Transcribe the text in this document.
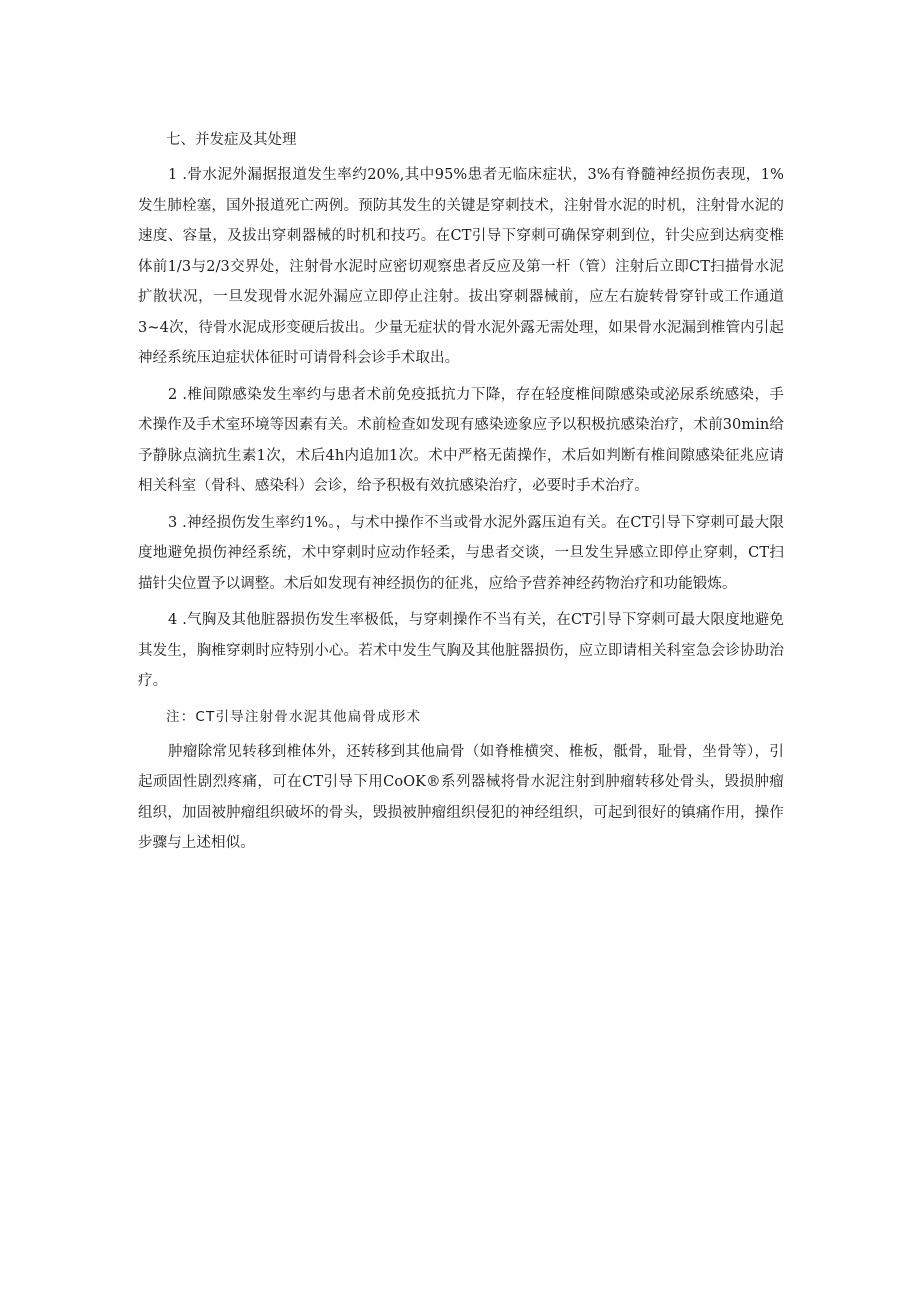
七、并发症及其处理

1 .骨水泥外漏据报道发生率约20%,其中95%患者无临床症状，3%有脊髓神经损伤表现，1%发生肺栓塞，国外报道死亡两例。预防其发生的关键是穿刺技术，注射骨水泥的时机，注射骨水泥的速度、容量，及拔出穿刺器械的时机和技巧。在CT引导下穿刺可确保穿刺到位，针尖应到达病变椎体前1/3与2/3交界处，注射骨水泥时应密切观察患者反应及第一杆（管）注射后立即CT扫描骨水泥扩散状况，一旦发现骨水泥外漏应立即停止注射。拔出穿刺器械前，应左右旋转骨穿针或工作通道3~4次，待骨水泥成形变硬后拔出。少量无症状的骨水泥外露无需处理，如果骨水泥漏到椎管内引起神经系统压迫症状体征时可请骨科会诊手术取出。

2 .椎间隙感染发生率约与患者术前免疫抵抗力下降，存在轻度椎间隙感染或泌尿系统感染，手术操作及手术室环境等因素有关。术前检查如发现有感染迹象应予以积极抗感染治疗，术前30min给予静脉点滴抗生素1次，术后4h内追加1次。术中严格无菌操作，术后如判断有椎间隙感染征兆应请相关科室（骨科、感染科）会诊，给予积极有效抗感染治疗，必要时手术治疗。

3 .神经损伤发生率约1%。，与术中操作不当或骨水泥外露压迫有关。在CT引导下穿刺可最大限度地避免损伤神经系统，术中穿刺时应动作轻柔，与患者交谈，一旦发生异感立即停止穿刺，CT扫描针尖位置予以调整。术后如发现有神经损伤的征兆，应给予营养神经药物治疗和功能锻炼。

4 .气胸及其他脏器损伤发生率极低，与穿刺操作不当有关，在CT引导下穿刺可最大限度地避免其发生，胸椎穿刺时应特别小心。若术中发生气胸及其他脏器损伤，应立即请相关科室急会诊协助治疗。

注：CT引导注射骨水泥其他扁骨成形术

肿瘤除常见转移到椎体外，还转移到其他扁骨（如脊椎横突、椎板，骶骨，耻骨，坐骨等），引起顽固性剧烈疼痛，可在CT引导下用CoOK®系列器械将骨水泥注射到肿瘤转移处骨头，毁损肿瘤组织，加固被肿瘤组织破坏的骨头，毁损被肿瘤组织侵犯的神经组织，可起到很好的镇痛作用，操作步骤与上述相似。
